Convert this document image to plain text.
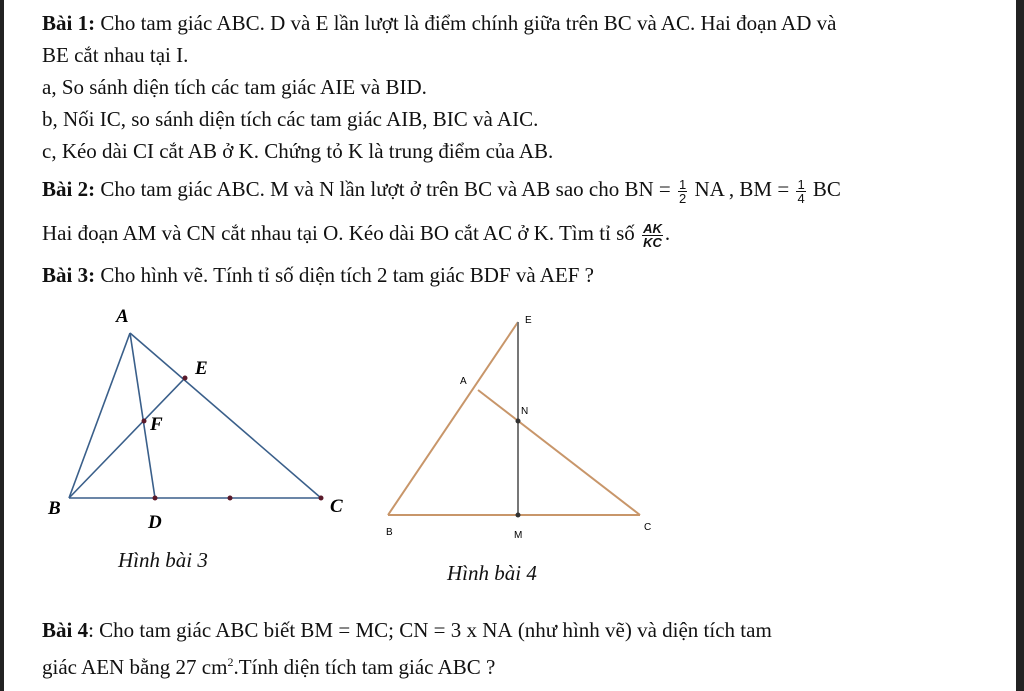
Bài 1: Cho tam giác ABC. D và E lần lượt là điểm chính giữa trên BC và AC. Hai đoạn AD và
BE cắt nhau tại I.
a, So sánh diện tích các tam giác AIE và BID.
b, Nối IC, so sánh diện tích các tam giác AIB, BIC và AIC.
c, Kéo dài CI cắt AB ở K. Chứng tỏ K là trung điểm của AB.
Bài 2: Cho tam giác ABC. M và N lần lượt ở trên BC và AB sao cho BN = $\frac{1}{2}$ NA , BM = $\frac{1}{4}$ BC
Hai đoạn AM và CN cắt nhau tại O. Kéo dài BO cắt AC ở K. Tìm tỉ số $\frac{AK}{KC}$ .
Bài 3: Cho hình vẽ. Tính tỉ số diện tích 2 tam giác BDF và AEF ?
A
E
F
B
D
C
Hình bài 3
E
A
N
B	M
C
Hình bài 4
Bài 4: Cho tam giác ABC biết BM = MC; CN = 3 x NA (như hình vẽ) và diện tích tam
giác AEN bằng 27 $cm^2.Tính$ diện tích tam giác ABC ?
